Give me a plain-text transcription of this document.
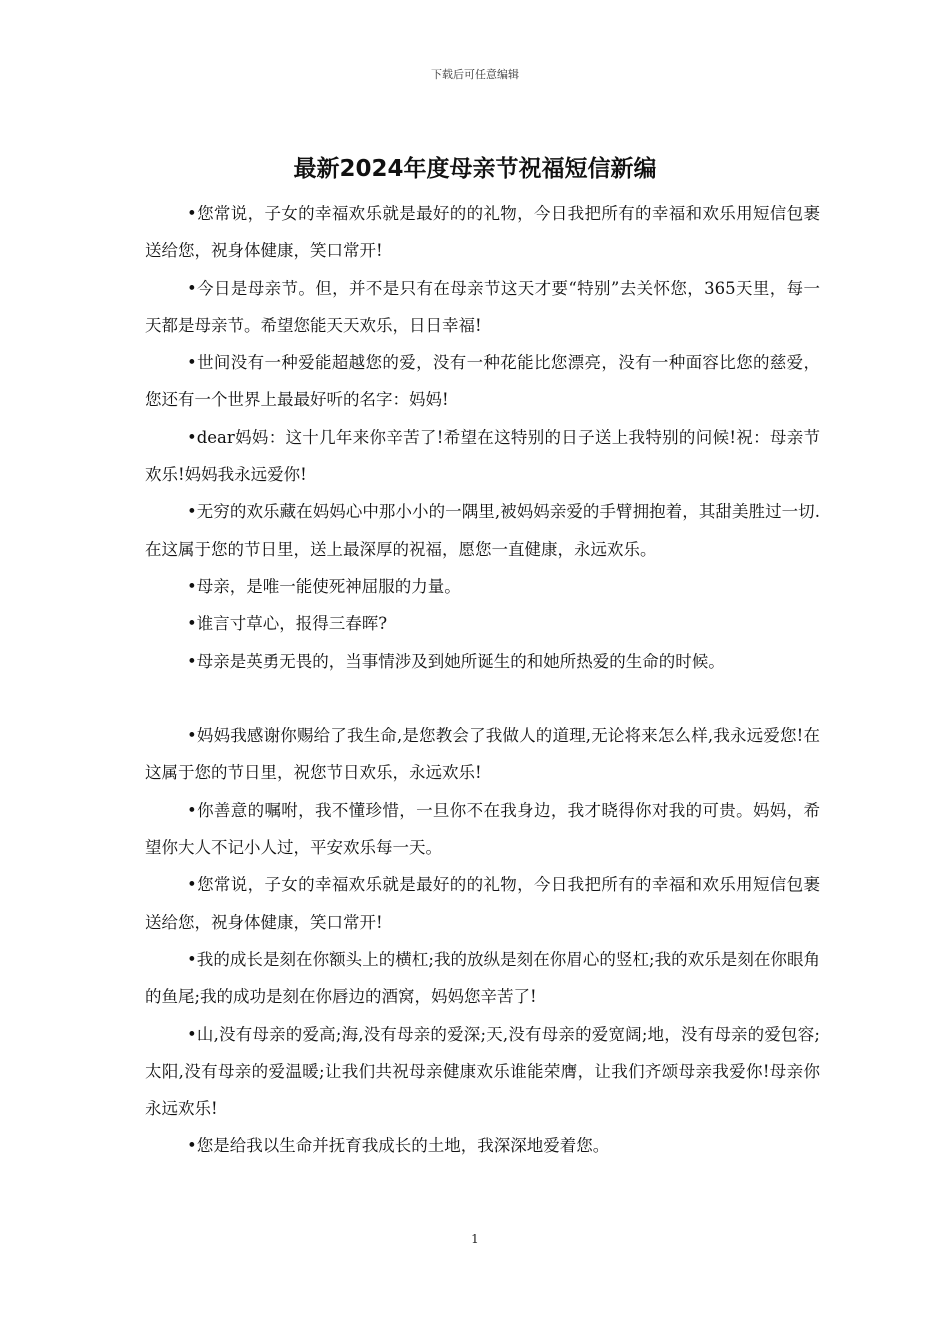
下载后可任意编辑
最新2024年度母亲节祝福短信新编

•您常说，子女的幸福欢乐就是最好的的礼物，今日我把所有的幸福和欢乐用短信包裹送给您，祝身体健康，笑口常开!

•今日是母亲节。但，并不是只有在母亲节这天才要“特别”去关怀您，365天里，每一天都是母亲节。希望您能天天欢乐，日日幸福!

•世间没有一种爱能超越您的爱，没有一种花能比您漂亮，没有一种面容比您的慈爱，您还有一个世界上最最好听的名字：妈妈!

•dear妈妈：这十几年来你辛苦了!希望在这特别的日子送上我特别的问候!祝：母亲节欢乐!妈妈我永远爱你!

•无穷的欢乐藏在妈妈心中那小小的一隅里,被妈妈亲爱的手臂拥抱着，其甜美胜过一切.在这属于您的节日里，送上最深厚的祝福，愿您一直健康，永远欢乐。

•母亲，是唯一能使死神屈服的力量。

•谁言寸草心，报得三春晖?

•母亲是英勇无畏的，当事情涉及到她所诞生的和她所热爱的生命的时候。

•妈妈我感谢你赐给了我生命,是您教会了我做人的道理,无论将来怎么样,我永远爱您!在这属于您的节日里，祝您节日欢乐，永远欢乐!

•你善意的嘱咐，我不懂珍惜，一旦你不在我身边，我才晓得你对我的可贵。妈妈，希望你大人不记小人过，平安欢乐每一天。

•您常说，子女的幸福欢乐就是最好的的礼物，今日我把所有的幸福和欢乐用短信包裹送给您，祝身体健康，笑口常开!

•我的成长是刻在你额头上的横杠;我的放纵是刻在你眉心的竖杠;我的欢乐是刻在你眼角的鱼尾;我的成功是刻在你唇边的酒窝，妈妈您辛苦了!

•山,没有母亲的爱高;海,没有母亲的爱深;天,没有母亲的爱宽阔;地，没有母亲的爱包容;太阳,没有母亲的爱温暖;让我们共祝母亲健康欢乐谁能荣膺，让我们齐颂母亲我爱你!母亲你永远欢乐!

•您是给我以生命并抚育我成长的土地，我深深地爱着您。

1
